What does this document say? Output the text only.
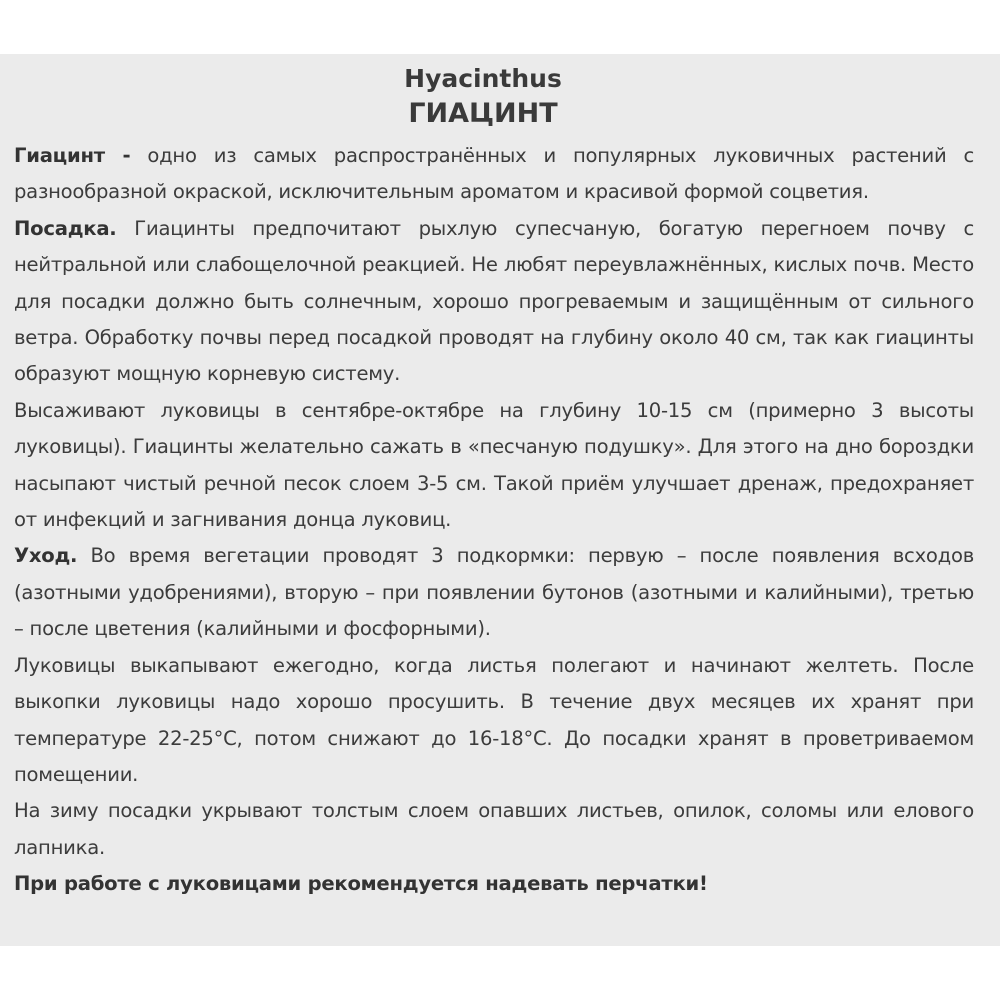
Hyacinthus
ГИАЦИНТ

Гиацинт - одно из самых распространённых и популярных луковичных растений с разнообразной окраской, исключительным ароматом и красивой формой соцветия.

Посадка. Гиацинты предпочитают рыхлую супесчаную, богатую перегноем почву с нейтральной или слабощелочной реакцией. Не любят переувлажнённых, кислых почв. Место для посадки должно быть солнечным, хорошо прогреваемым и защищённым от сильного ветра. Обработку почвы перед посадкой проводят на глубину около 40 см, так как гиацинты образуют мощную корневую систему.

Высаживают луковицы в сентябре-октябре на глубину 10-15 см (примерно 3 высоты луковицы). Гиацинты желательно сажать в «песчаную подушку». Для этого на дно бороздки насыпают чистый речной песок слоем 3-5 см. Такой приём улучшает дренаж, предохраняет от инфекций и загнивания донца луковиц.

Уход. Во время вегетации проводят 3 подкормки: первую – после появления всходов (азотными удобрениями), вторую – при появлении бутонов (азотными и калийными), третью – после цветения (калийными и фосфорными).

Луковицы выкапывают ежегодно, когда листья полегают и начинают желтеть. После выкопки луковицы надо хорошо просушить. В течение двух месяцев их хранят при температуре 22-25°С, потом снижают до 16-18°С. До посадки хранят в проветриваемом помещении.

На зиму посадки укрывают толстым слоем опавших листьев, опилок, соломы или елового лапника.

При работе с луковицами рекомендуется надевать перчатки!
